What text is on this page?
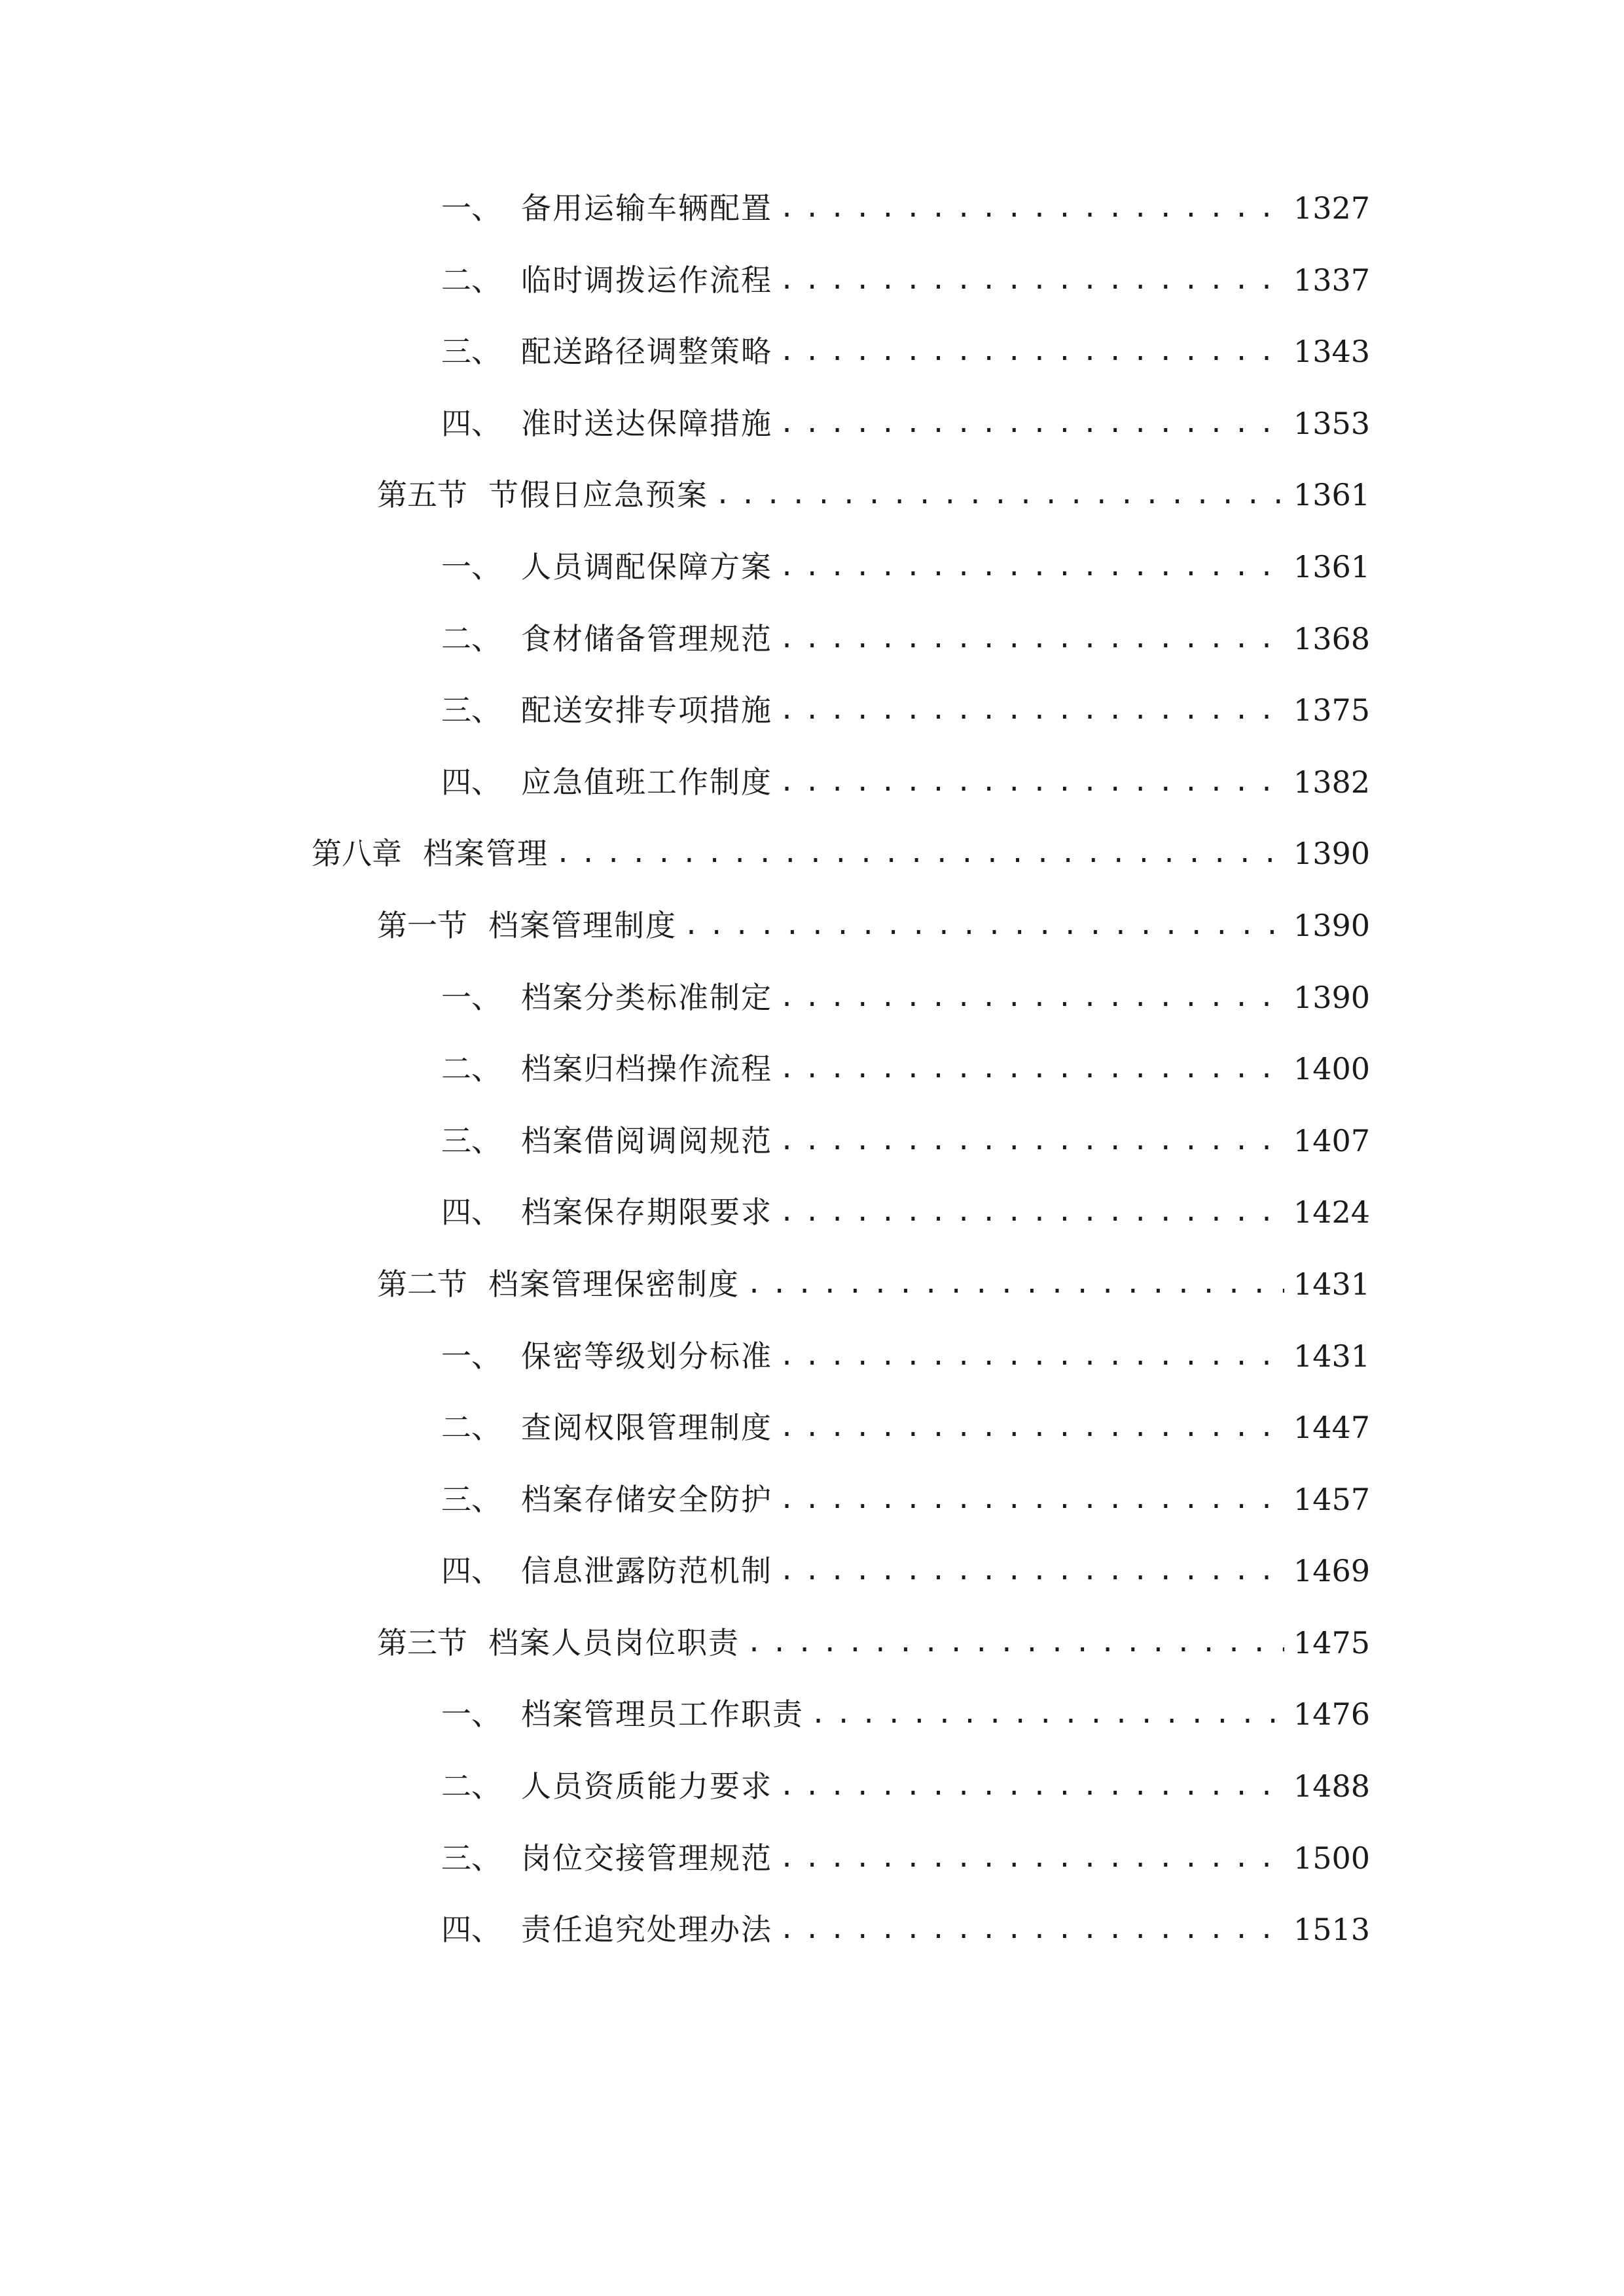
一、 备用运输车辆配置 .....	1327
二、 临时调拨运作流程 .....	1337
三、 配送路径调整策略 .....	1343
四、 准时送达保障措施 .....	1353
第五节 节假日应急预案 .....	1361
一、 人员调配保障方案 .....	1361
二、 食材储备管理规范 .....	1368
三、 配送安排专项措施 .....	1375
四、 应急值班工作制度 .....	1382
第八章 档案管理 .....	1390
第一节 档案管理制度 .....	1390
一、 档案分类标准制定 .....	1390
二、 档案归档操作流程 .....	1400
三、 档案借阅调阅规范 .....	1407
四、 档案保存期限要求 .....	1424
第二节 档案管理保密制度 .....	1431
一、 保密等级划分标准 .....	1431
二、 查阅权限管理制度 .....	1447
三、 档案存储安全防护 .....	1457
四、 信息泄露防范机制 .....	1469
第三节 档案人员岗位职责 .....	1475
一、 档案管理员工作职责 .....	1476
二、 人员资质能力要求 .....	1488
三、 岗位交接管理规范 .....	1500
四、 责任追究处理办法 .....	1513
